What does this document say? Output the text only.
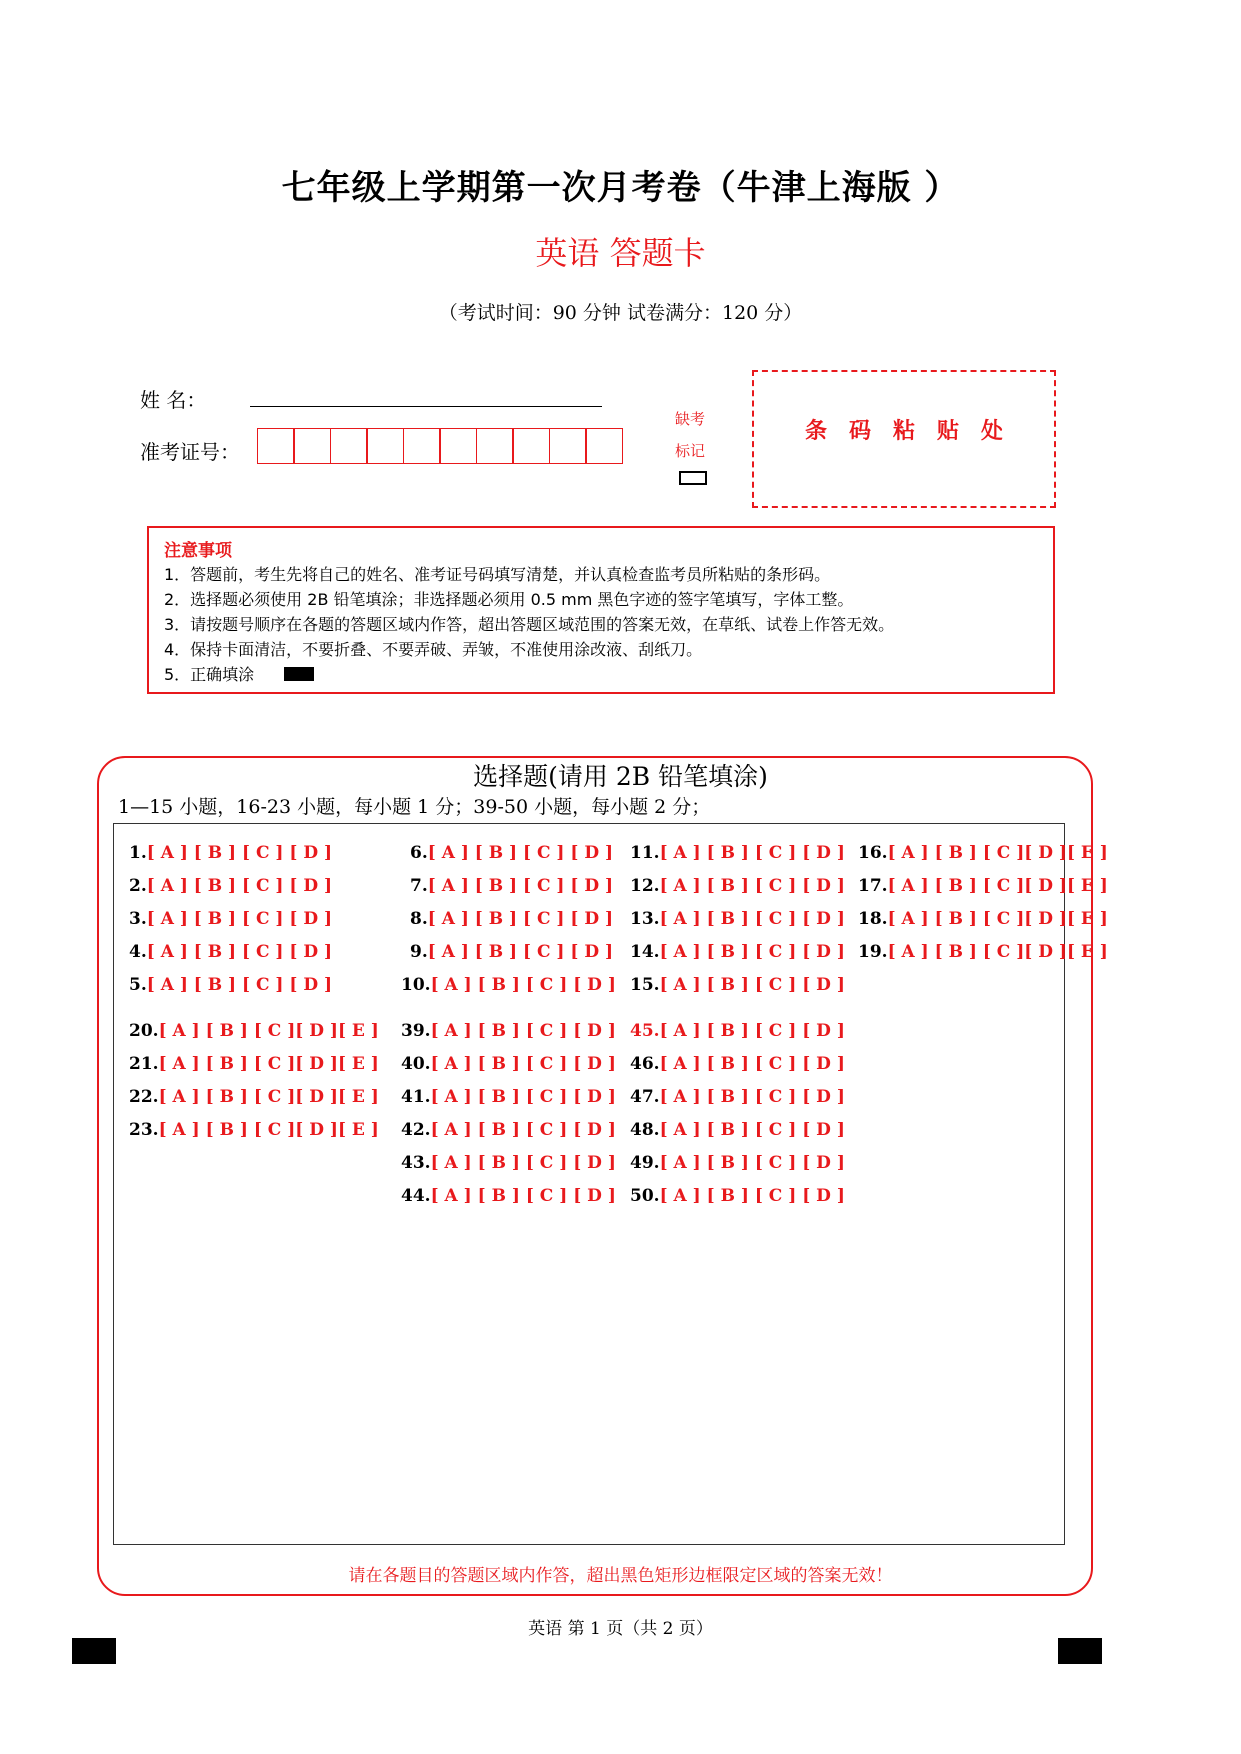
七年级上学期第一次月考卷（牛津上海版 ）
英语 答题卡
（考试时间：90 分钟 试卷满分：120 分）
姓 名：
准考证号：
缺考
标记
条码粘贴处
注意事项
1．答题前，考生先将自己的姓名、准考证号码填写清楚，并认真检查监考员所粘贴的条形码。
2．选择题必须使用 2B 铅笔填涂；非选择题必须用 0.5 mm 黑色字迹的签字笔填写，字体工整。
3．请按题号顺序在各题的答题区域内作答，超出答题区域范围的答案无效，在草纸、试卷上作答无效。
4．保持卡面清洁，不要折叠、不要弄破、弄皱，不准使用涂改液、刮纸刀。
5．正确填涂
选择题(请用 2B 铅笔填涂)
1—15 小题，16-23 小题，每小题 1 分；39-50 小题，每小题 2 分；
1.[ A ] [ B ] [ C ] [ D ]
2.[ A ] [ B ] [ C ] [ D ]
3.[ A ] [ B ] [ C ] [ D ]
4.[ A ] [ B ] [ C ] [ D ]
5.[ A ] [ B ] [ C ] [ D ]
6.[ A ] [ B ] [ C ] [ D ]
7.[ A ] [ B ] [ C ] [ D ]
8.[ A ] [ B ] [ C ] [ D ]
9.[ A ] [ B ] [ C ] [ D ]
10.[ A ] [ B ] [ C ] [ D ]
11.[ A ] [ B ] [ C ] [ D ]
12.[ A ] [ B ] [ C ] [ D ]
13.[ A ] [ B ] [ C ] [ D ]
14.[ A ] [ B ] [ C ] [ D ]
15.[ A ] [ B ] [ C ] [ D ]
16.[ A ] [ B ] [ C ][ D ][ E ]
17.[ A ] [ B ] [ C ][ D ][ E ]
18.[ A ] [ B ] [ C ][ D ][ E ]
19.[ A ] [ B ] [ C ][ D ][ E ]
20.[ A ] [ B ] [ C ][ D ][ E ]
21.[ A ] [ B ] [ C ][ D ][ E ]
22.[ A ] [ B ] [ C ][ D ][ E ]
23.[ A ] [ B ] [ C ][ D ][ E ]
39.[ A ] [ B ] [ C ] [ D ]
40.[ A ] [ B ] [ C ] [ D ]
41.[ A ] [ B ] [ C ] [ D ]
42.[ A ] [ B ] [ C ] [ D ]
43.[ A ] [ B ] [ C ] [ D ]
44.[ A ] [ B ] [ C ] [ D ]
45.[ A ] [ B ] [ C ] [ D ]
46.[ A ] [ B ] [ C ] [ D ]
47.[ A ] [ B ] [ C ] [ D ]
48.[ A ] [ B ] [ C ] [ D ]
49.[ A ] [ B ] [ C ] [ D ]
50.[ A ] [ B ] [ C ] [ D ]
请在各题目的答题区域内作答，超出黑色矩形边框限定区域的答案无效！
英语 第 1 页（共 2 页）
